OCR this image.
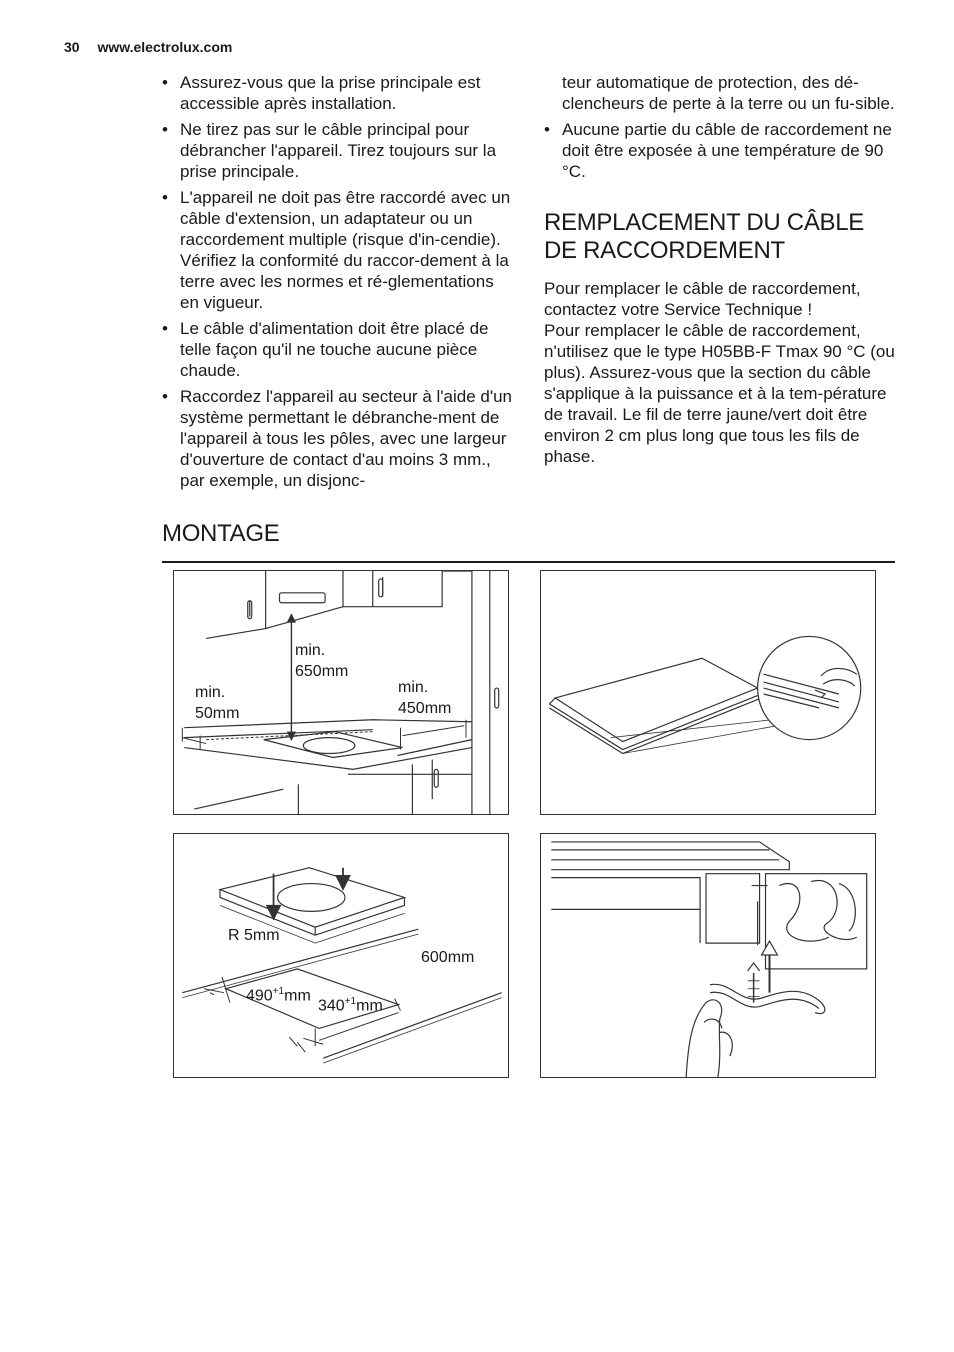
30 www.electrolux.com
• Assurez-vous que la prise principale est accessible après installation.
• Ne tirez pas sur le câble principal pour débrancher l'appareil. Tirez toujours sur la prise principale.
• L'appareil ne doit pas être raccordé avec un câble d'extension, un adaptateur ou un raccordement multiple (risque d'in-cendie). Vérifiez la conformité du raccor-dement à la terre avec les normes et ré-glementations en vigueur.
• Le câble d'alimentation doit être placé de telle façon qu'il ne touche aucune pièce chaude.
• Raccordez l'appareil au secteur à l'aide d'un système permettant le débranche-ment de l'appareil à tous les pôles, avec une largeur d'ouverture de contact d'au moins 3 mm., par exemple, un disjonc-
teur automatique de protection, des dé-clencheurs de perte à la terre ou un fu-sible.
• Aucune partie du câble de raccordement ne doit être exposée à une température de 90 °C.
REMPLACEMENT DU CÂBLE DE RACCORDEMENT

Pour remplacer le câble de raccordement, contactez votre Service Technique !

Pour remplacer le câble de raccordement, n'utilisez que le type H05BB-F Tmax 90 °C (ou plus). Assurez-vous que la section du câble s'applique à la puissance et à la tem-pérature de travail. Le fil de terre jaune/vert doit être environ 2 cm plus long que tous les fils de phase.

MONTAGE
min.
650mm
min.
50mm
min.
450mm
R 5mm
600mm
$490^{+1}mm$
$340^{+1}mm$
